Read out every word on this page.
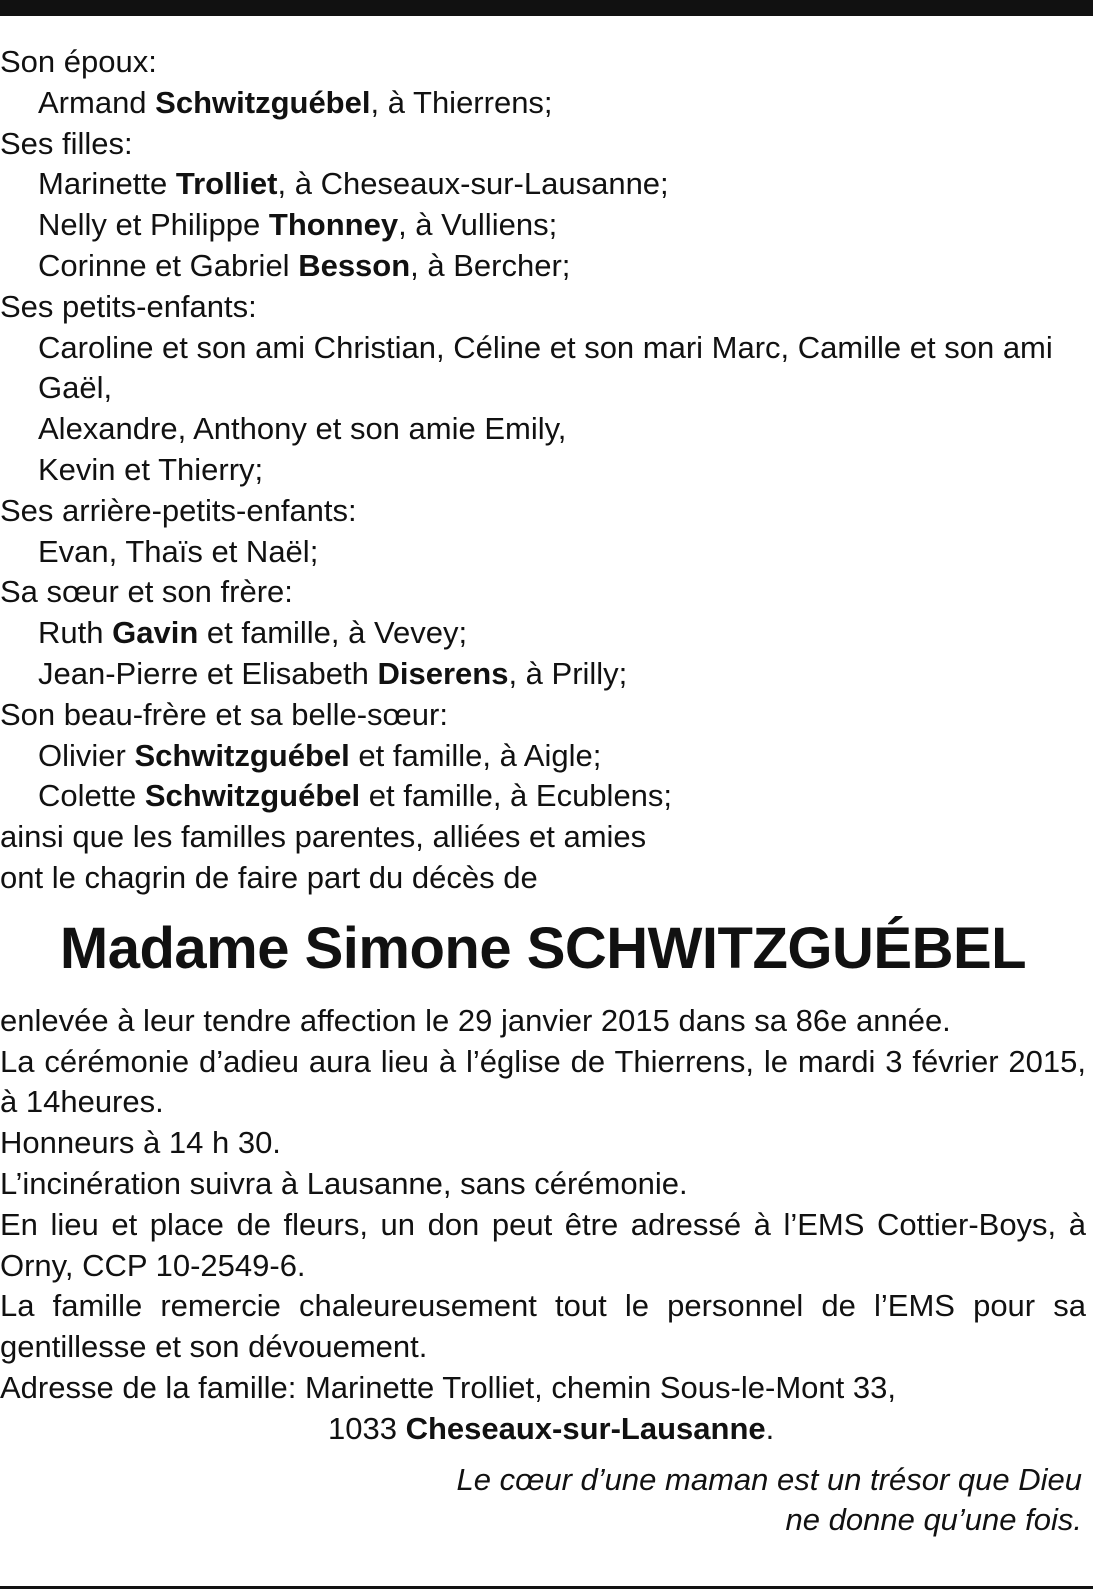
Son époux:
Armand Schwitzguébel, à Thierrens;
Ses filles:
Marinette Trolliet, à Cheseaux-sur-Lausanne;
Nelly et Philippe Thonney, à Vulliens;
Corinne et Gabriel Besson, à Bercher;
Ses petits-enfants:
Caroline et son ami Christian, Céline et son mari Marc, Camille et son ami Gaël,
Alexandre, Anthony et son amie Emily,
Kevin et Thierry;
Ses arrière-petits-enfants:
Evan, Thaïs et Naël;
Sa sœur et son frère:
Ruth Gavin et famille, à Vevey;
Jean-Pierre et Elisabeth Diserens, à Prilly;
Son beau-frère et sa belle-sœur:
Olivier Schwitzguébel et famille, à Aigle;
Colette Schwitzguébel et famille, à Ecublens;
ainsi que les familles parentes, alliées et amies
ont le chagrin de faire part du décès de
Madame Simone SCHWITZGUÉBEL
enlevée à leur tendre affection le 29 janvier 2015 dans sa 86e année.
La cérémonie d’adieu aura lieu à l’église de Thierrens, le mardi 3 février 2015, à 14heures.
Honneurs à 14 h 30.
L’incinération suivra à Lausanne, sans cérémonie.
En lieu et place de fleurs, un don peut être adressé à l’EMS Cottier-Boys, à Orny, CCP 10-2549-6.
La famille remercie chaleureusement tout le personnel de l’EMS pour sa gentillesse et son dévouement.
Adresse de la famille: Marinette Trolliet, chemin Sous-le-Mont 33,
1033 Cheseaux-sur-Lausanne.
Le cœur d’une maman est un trésor que Dieu
ne donne qu’une fois.
